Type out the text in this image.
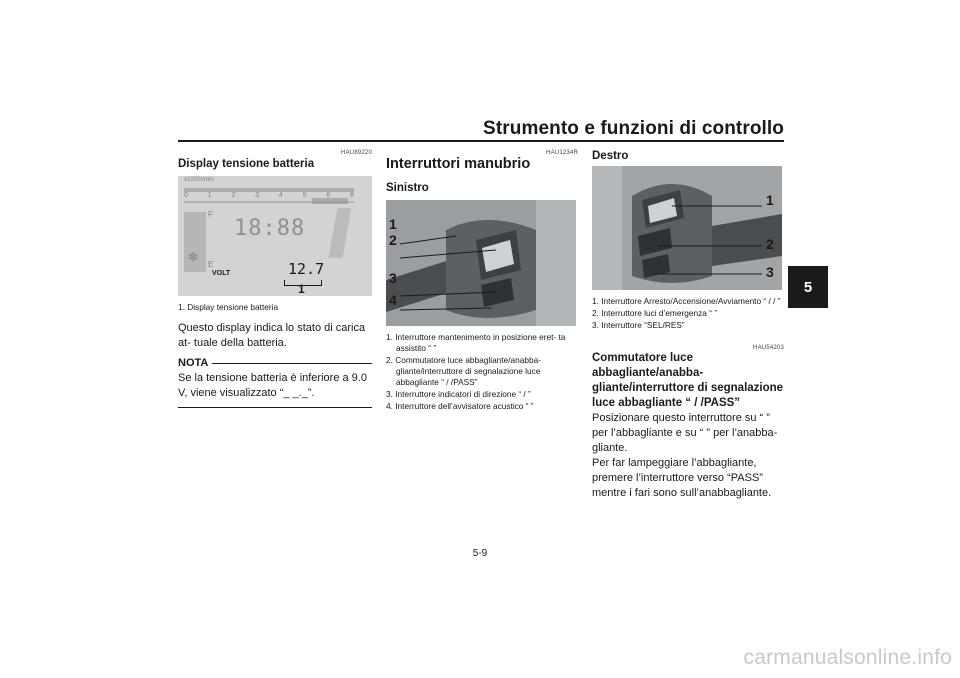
Strumento e funzioni di controllo
5
HAU89220
Display tensione batteria
✽
x1000r/min
0	1	2	3	4	5	6	8
F
E
18:88
VOLT	12.7
1
1. Display tensione batteria
Questo display indica lo stato di carica at- tuale della batteria.
NOTA
Se la tensione batteria è inferiore a 9.0 V, viene visualizzato “_ _._”.
HAU1234R
Interruttori manubrio
Sinistro
1
2
3
4
1. Interruttore mantenimento in posizione eret- ta assistito “ ”
2. Commutatore luce abbagliante/anabba- gliante/interruttore di segnalazione luce abbagliante “ / /PASS”
3. Interruttore indicatori di direzione “ / ”
4. Interruttore dell’avvisatore acustico “ ”
Destro
1
2
3
1. Interruttore Arresto/Accensione/Avviamento “ / / ”
2. Interruttore luci d’emergenza “ ”
3. Interruttore “SEL/RES”
HAU54203
Commutatore luce abbagliante/anabba- gliante/interruttore di segnalazione luce abbagliante “ / /PASS”
Posizionare questo interruttore su “ ” per l’abbagliante e su “ ” per l’anabba- gliante.
Per far lampeggiare l’abbagliante, premere l’interruttore verso “PASS” mentre i fari sono sull’anabbagliante.
5-9
carmanualsonline.info
